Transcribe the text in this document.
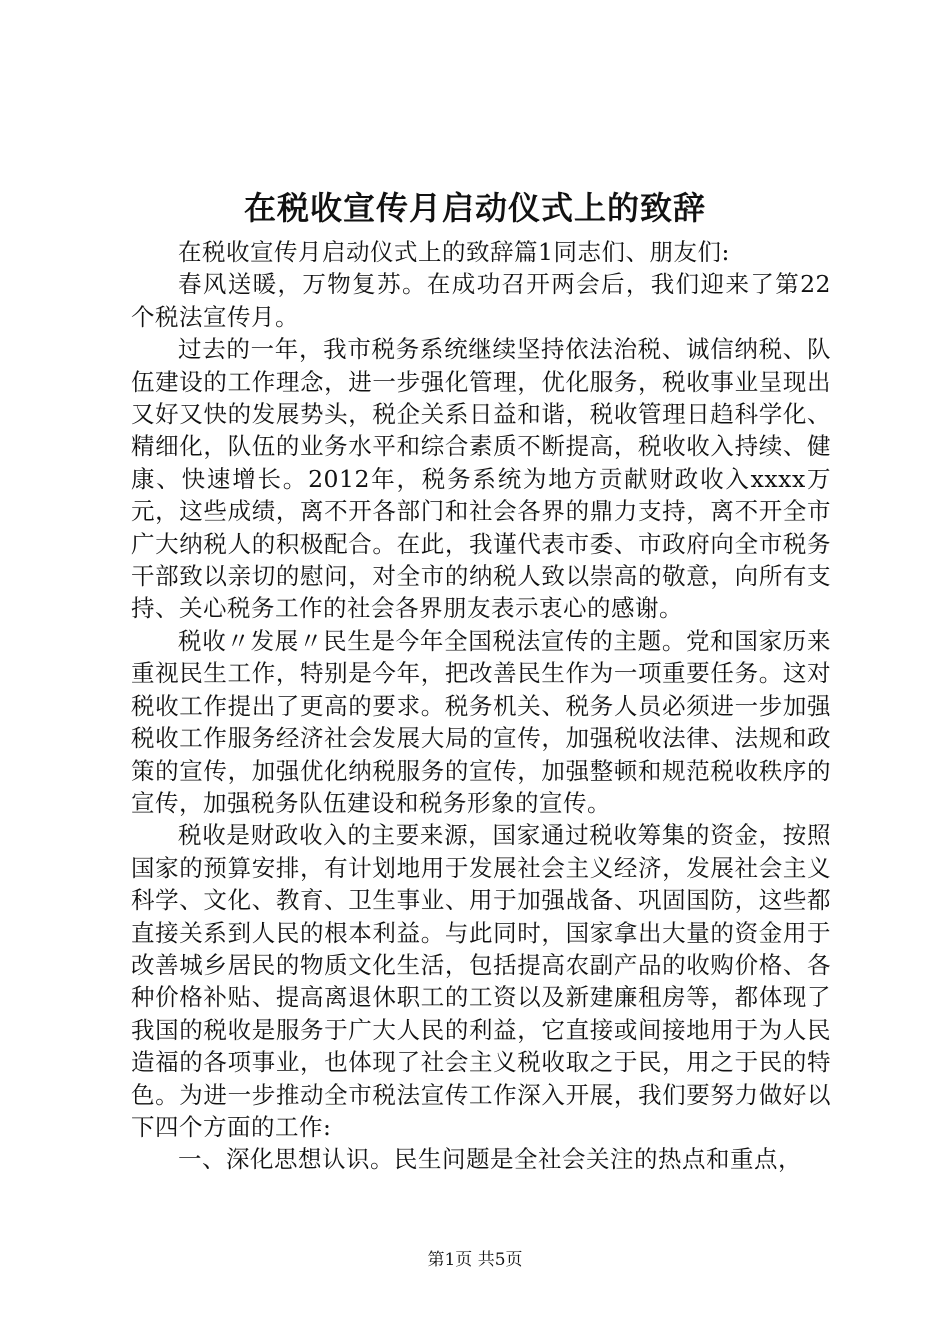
在税收宣传月启动仪式上的致辞

在税收宣传月启动仪式上的致辞篇1同志们、朋友们:

春风送暖，万物复苏。在成功召开两会后，我们迎来了第22个税法宣传月。

过去的一年，我市税务系统继续坚持依法治税、诚信纳税、队伍建设的工作理念，进一步强化管理，优化服务，税收事业呈现出又好又快的发展势头，税企关系日益和谐，税收管理日趋科学化、精细化，队伍的业务水平和综合素质不断提高，税收收入持续、健康、快速增长。2012年，税务系统为地方贡献财政收入xxxx万元，这些成绩，离不开各部门和社会各界的鼎力支持，离不开全市广大纳税人的积极配合。在此，我谨代表市委、市政府向全市税务干部致以亲切的慰问，对全市的纳税人致以崇高的敬意，向所有支持、关心税务工作的社会各界朋友表示衷心的感谢。

税收〃发展〃民生是今年全国税法宣传的主题。党和国家历来重视民生工作，特别是今年，把改善民生作为一项重要任务。这对税收工作提出了更高的要求。税务机关、税务人员必须进一步加强税收工作服务经济社会发展大局的宣传，加强税收法律、法规和政策的宣传，加强优化纳税服务的宣传，加强整顿和规范税收秩序的宣传，加强税务队伍建设和税务形象的宣传。

税收是财政收入的主要来源，国家通过税收筹集的资金，按照国家的预算安排，有计划地用于发展社会主义经济，发展社会主义科学、文化、教育、卫生事业、用于加强战备、巩固国防，这些都直接关系到人民的根本利益。与此同时，国家拿出大量的资金用于改善城乡居民的物质文化生活，包括提高农副产品的收购价格、各种价格补贴、提高离退休职工的工资以及新建廉租房等，都体现了我国的税收是服务于广大人民的利益，它直接或间接地用于为人民造福的各项事业，也体现了社会主义税收取之于民，用之于民的特色。为进一步推动全市税法宣传工作深入开展，我们要努力做好以下四个方面的工作:

一、深化思想认识。民生问题是全社会关注的热点和重点，

第1页 共5页
